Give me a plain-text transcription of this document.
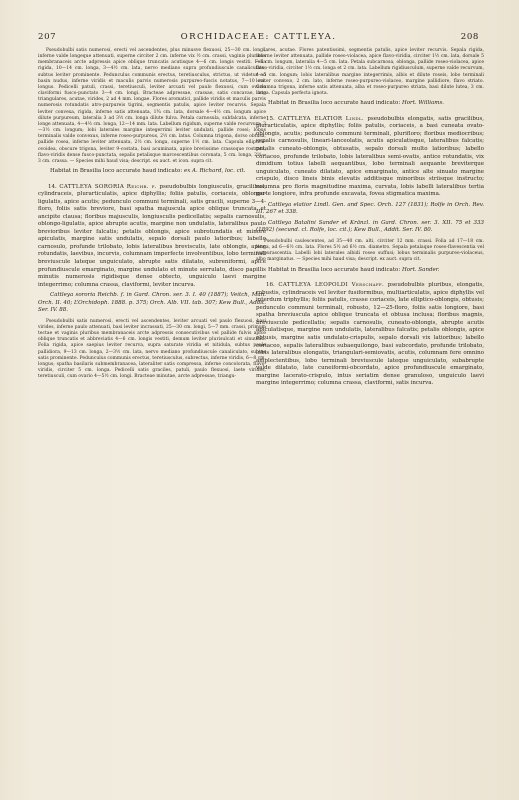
207	ORCHIDACEAE: CATTLEYA.	208

Pseudobulbi satis numerosi, erecti vel ascendentes, plus minusve flexuosi, 25—30 cm. longi, inferne valde longeque attenuati, superne circiter 2 cm. inferne vix ½ cm. crassi, vaginis pluribus membranaceis arcte adpressis apice oblique truncatis acutisque 4—6 cm. longis vestiti. Folia rigida, 10—14 cm. longa, 3—4½ cm. lata, nervo mediano supra profundiuscule canaliculato, subtus leviter prominente. Pedunculus communis erectus, teretiusculus, strictus, ut videtur ad basin nudus, inferne viridis et maculis parvis numerosis purpureo-fuscis notatus, 7—10 cm. longus. Pedicelli patuli, crassi, teretiusculi, leviter arcuati vel paulo flexuosi, cum ovario claviformi fusco-punctato 3—4 cm. longi. Bracteae adpressae, crassae, satis concavae, late triangulares, acutae, virides, 2 ad 4 mm. longae. Flores aromatici, pallide viridis et maculis parvis numerosis rotundatis atro-purpureis tigrini, segmentis patulis, apice leviter recurvis. Sepala leviter convexa, rigida, inferne satis attenuata, 1¾ cm. lata, dorsale 4—4½ cm. longum apice dilute purpureum, lateralia 3 ad 3½ cm. longa dilute fulva. Petala carnosula, subfalcata, inferne longe attenuata, 4—4½ cm. longa, 12—14 mm. lata. Labellum rigidum, superne valde recurvum, 3—3½ cm. longum; lobi laterales margine integerrimi leviter undulati, pallide rosei; lobus terminalis valde convexus, inferne roseo-purpureus, 2½ cm. latus. Columna trigona, dorso obtusa, pallide rosea, inferne leviter attenuata, 2½ cm. longa, superne 1½ cm. lata. Capsula elliptico-ovoidea, obscure trigona, leviter 9-costata, basi acuminata, apice brevissime crassoque rostrata, flavo-viridis dense fusco-punctata, sepalis petalisque marcescentibus coronata, 5 cm. longa, 2½—3 cm. crassa. — Species mihi haud visa; descript. ex auct. et icon. supra cit.

Habitat in Brasilia loco accurate haud indicato: ex A. Richard, loc. cit.

14. CATTLEYA SORORIA Reichb. f. pseudobulbis longiusculis, gracilibus, cylindraceis, plurarticulatis, apice diphyllis; foliis patulis, coriaceis, oblongo-ligulatis, apice acutis; pedunculo communi terminali, satis gracili, superne 3—4-floro, foliis satis breviore, basi spatha majuscula apice oblique truncata et ancipite clausa; floribus majusculis, longiusculis pedicellatis; sepalis carnosulis, oblongo-ligulatis, apice abrupte acutis, margine non undulatis, lateralibus paulo brevioribus leviter falcatis; petalis oblongis, apice subrotundatis et minore apiculatis, margine satis undulatis, sepalo dorsali paulo latioribus; labello carnosulo, profunde trilobato, lobis lateralibus brevisculis, late oblongis, apice rotundatis, laevibus, incurvis, columnam imperfecte involventibus, lobo terminali breviuscule lateque unguiculato, abrupte satis dilatato, subreniformi, apice profundiuscule emarginato, margine undulato et minute serrulato, disco papillis minutis numerosis rigidisque dense obtecto, unguiculo laevi margine integerrimo; columna crassa, claviformi, leviter incurva.

Cattleya sororia Reichb. f. in Gard. Chron. ser. 3. I. 40 (1887); Veitch, Man. Orch. II. 40; L’Orchidoph. 1888. p. 375; Orch. Alb. VII. tab. 307; Kew Bull., Addit. Ser. IV. 88.

Pseudobulbi satis numerosi, erecti vel ascendentes, leviter arcuati vel paulo flexuosi, basi virides, inferne paulo attenuati, basi leviter incrassati, 25—30 cm. longi, 5—7 mm. crassi, primum tectae et vaginis pluribus membranaceis arcte adpressis consecutivibus vel pallide fulvis apice oblique truncatis et abbreviatis 4—6 cm. longis vestiti, demum leviter plurisulcati et sinuulati. Folia rigida, apice saepius leviter recurva, supra saturate viridia et nitidula, subtus paulo pallidiora, 9—13 cm. longa, 2—3½ cm. lata, nervo mediano profundiuscule canaliculato, subtus satis prominente. Pedunculus communis erectus, teretiusculus, subrectus, inferne viridis, 6—8 cm. longus; spatha basilaris submembranacea, lateraliter satis compressa, inferne concolorata, flavo-viridis, circiter 5 cm. longa. Pedicelli satis graciles, patuli, paulo flexuosi, laete virides, teretiusculi, cum ovario 4—5½ cm. longi. Bracteae minutae, arcte adpressae, triangu-

lares, acutae. Flores patentissimi, segmentis patulis, apice leviter recurvis. Sepala rigida, inferne leviter attenuata, pallide roseo-violacea, apice flavo-viridia, circiter 1½ cm. lata, dorsale 5—6 cm. longum, lateralia 4—5 cm. lata. Petala subcarnosa, oblonga, pallide roseo-violacea, apice flavo-viridia, circiter 1½ cm. longa et 2 cm. lata. Labellum rigidiusculum, superne valde recurvum, 4—5 cm. longum; lobis lateralibus margine integerrimis, albis et dilute roseis, lobo terminali leviter convexo, 2 cm. lato, inferne roseo-purpureo-violaceo, margine pallidiore, flavo striato. Columna trigona, inferne satis attenuata, alba et roseo-purpureo striata, basi dilute lutea, 3 cm. longa. Capsula perfecta ignota.

Habitat in Brasilia loco accurate haud indicato: Hort. Williams.

15. CATTLEYA ELATIOR Lindl. pseudobulbis elongatis, satis gracilibus, plurarticulatis, apice diphyllis; foliis patulis, coriaceis, a basi cuneata ovato-oblongis, acutis; pedunculo communi terminali, plurifloro; floribus mediocribus; sepalis carnosulis, lineari-lanceolatis, acutis apiculatisque, lateralibus falcatis; petalis cuneato-oblongis, obtusatis, sepalo dorsali multo latioribus; labello coriaceo, profunde trilobato, lobis lateralibus semi-ovatis, antice rotundatis, vix dimidium totius labelli aequantibus, lobo terminali aequante breviterque unguiculato, cuneato dilatato, apice emarginato, antice alte sinuato margine crispulo, disco lineis binis elevatis additisque minoribus striisque instructo; columna pro floris magnitudine maxima, curvata, lobis labelli lateralibus tertia parte longiore, infra profunde excavata, fovea stigmatica maxima.

Cattleya elatior Lindl. Gen. and Spec. Orch. 127 (1831); Rolfe in Orch. Rev. III. 267 et 338.

Cattleya Batalini Sander et Kränzl. in Gard. Chron. ser. 3. XII. 75 et 333 (1892) (secund. cl. Rolfe, loc. cit.); Kew Bull., Addit. Ser. IV. 80.

Pseudobulbi caulescentes, ad 35—40 cm. alti, circiter 12 mm. crassi. Folia ad 17—18 cm. longa, ad 6—6½ cm. lata. Flores 5½ ad 6½ cm. diametro. Sepala petalaque roseo-flavescentia vel purpurascentia. Labelli lobi laterales albidi roseo suffusi; lobus terminalis purpureo-violaceus, albo marginatus. — Species mihi haud visa; descript. ex auct. supra cit.

Habitat in Brasilia loco accurate haud indicato: Hort. Sander.

16. CATTLEYA LEOPOLDI Verschaff. pseudobulbis pluribus, elongatis, robustis, cylindraceis vel leviter fusiformibus, multiarticulatis, apice diphyllis vel interdum triphyllis; foliis patulis, crasse coriaceis, late elliptico-oblongis, obtusis; pedunculo communi terminali, robusto, 12—25-floro, foliis satis longiore, basi spatha breviuscula apice oblique truncata et obtusa inclusa; floribus magnis, breviuscule pedicellatis; sepalis carnosulis, cuneato-oblongis, abrupte acutis apiculatisque, margine non undulatis, lateralibus falcatis; petalis oblongis, apice obtusis, margine satis undulato-crispulis, sepalo dorsali vix latioribus; labello coriaceo, sepalis lateralibus subaequilongo, basi subcordato, profunde trilobato, lobis lateralibus elongatis, triangulari-semiovatis, acutis, columnam fere omnino amplectentibus, lobo terminali breviuscule lateque unguiculato, subabrupte valde dilatato, late cuneiformi-obcordato, apice profundiuscule emarginato, margine lacerato-crispulo, intus seriatim dense granuloso, unguiculo laevi margine integerrimo; columna crassa, claviformi, satis incurva.
